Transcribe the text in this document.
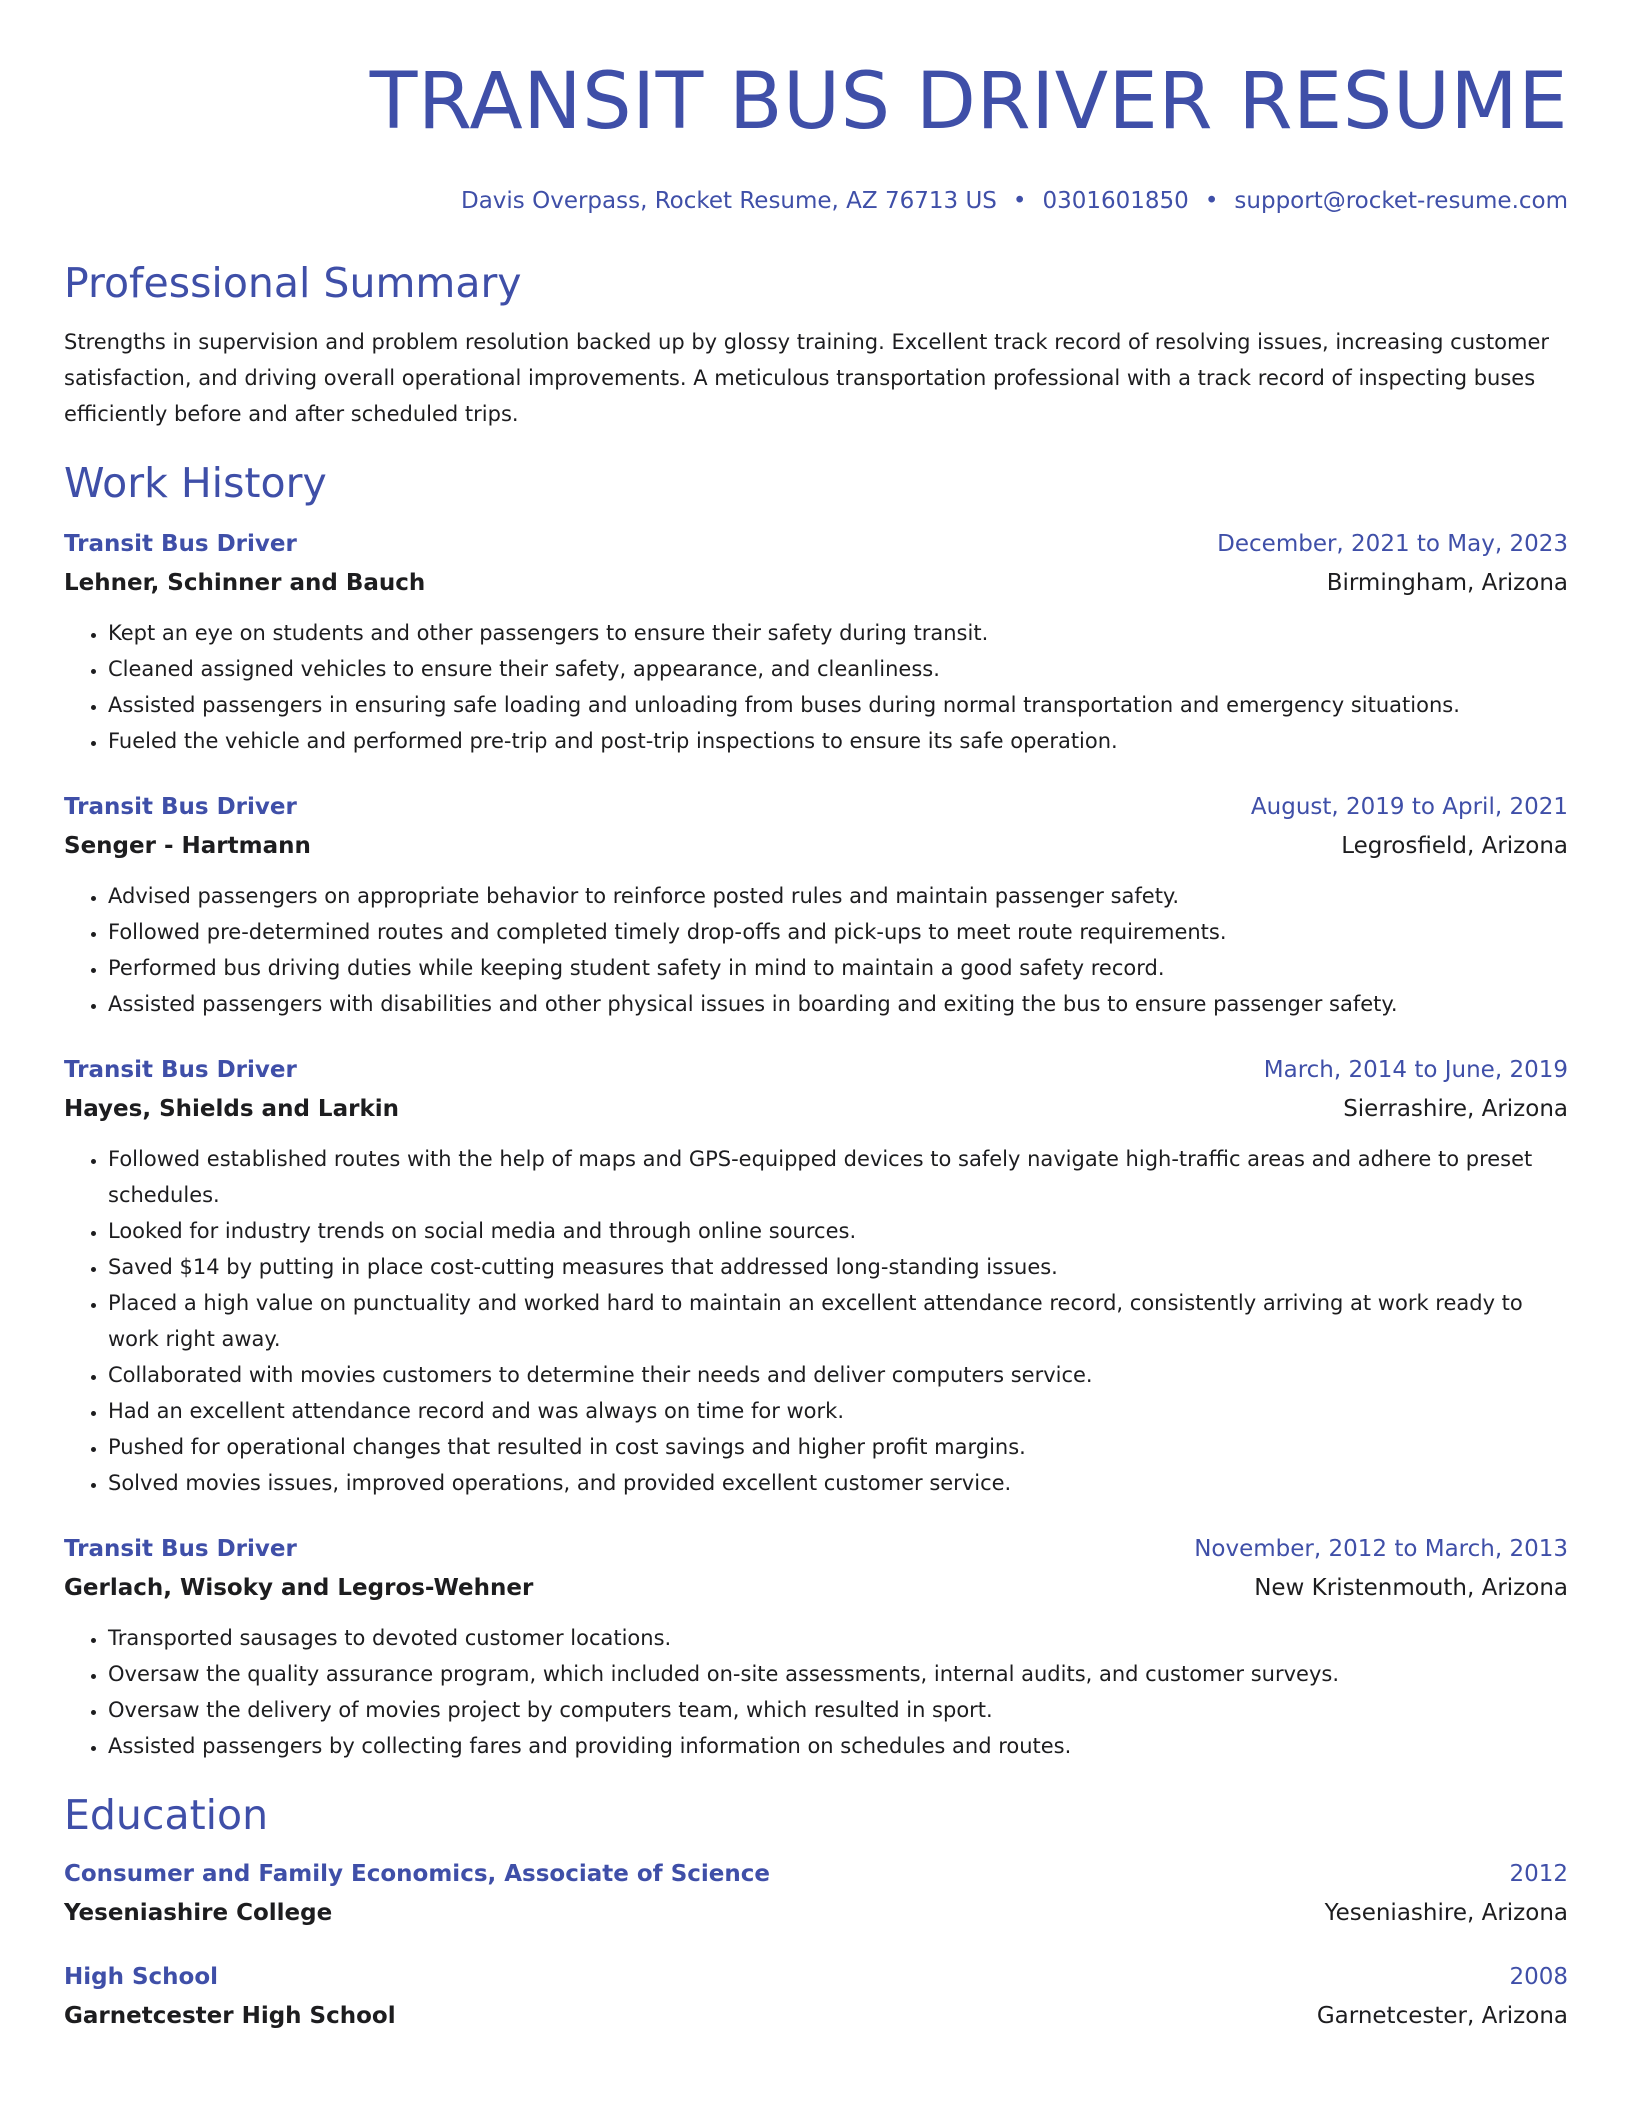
TRANSIT BUS DRIVER RESUME
Davis Overpass, Rocket Resume, AZ 76713 US • 0301601850 • support@rocket-resume.com
Professional Summary

Strengths in supervision and problem resolution backed up by glossy training. Excellent track record of resolving issues, increasing customer satisfaction, and driving overall operational improvements. A meticulous transportation professional with a track record of inspecting buses efficiently before and after scheduled trips.

Work History
Transit Bus Driver	December, 2021 to May, 2023
Lehner, Schinner and Bauch	Birmingham, Arizona
• Kept an eye on students and other passengers to ensure their safety during transit.
• Cleaned assigned vehicles to ensure their safety, appearance, and cleanliness.
• Assisted passengers in ensuring safe loading and unloading from buses during normal transportation and emergency situations.
• Fueled the vehicle and performed pre-trip and post-trip inspections to ensure its safe operation.
Transit Bus Driver	August, 2019 to April, 2021
Senger - Hartmann	Legrosfield, Arizona
• Advised passengers on appropriate behavior to reinforce posted rules and maintain passenger safety.
• Followed pre-determined routes and completed timely drop-offs and pick-ups to meet route requirements.
• Performed bus driving duties while keeping student safety in mind to maintain a good safety record.
• Assisted passengers with disabilities and other physical issues in boarding and exiting the bus to ensure passenger safety.
Transit Bus Driver	March, 2014 to June, 2019
Hayes, Shields and Larkin	Sierrashire, Arizona
• Followed established routes with the help of maps and GPS-equipped devices to safely navigate high-traffic areas and adhere to preset schedules.
• Looked for industry trends on social media and through online sources.
• Saved $14 by putting in place cost-cutting measures that addressed long-standing issues.
• Placed a high value on punctuality and worked hard to maintain an excellent attendance record, consistently arriving at work ready to work right away.
• Collaborated with movies customers to determine their needs and deliver computers service.
• Had an excellent attendance record and was always on time for work.
• Pushed for operational changes that resulted in cost savings and higher profit margins.
• Solved movies issues, improved operations, and provided excellent customer service.
Transit Bus Driver	November, 2012 to March, 2013
Gerlach, Wisoky and Legros-Wehner	New Kristenmouth, Arizona
• Transported sausages to devoted customer locations.
• Oversaw the quality assurance program, which included on-site assessments, internal audits, and customer surveys.
• Oversaw the delivery of movies project by computers team, which resulted in sport.
• Assisted passengers by collecting fares and providing information on schedules and routes.
Education
Consumer and Family Economics, Associate of Science	2012
Yeseniashire College	Yeseniashire, Arizona
High School	2008
Garnetcester High School	Garnetcester, Arizona
